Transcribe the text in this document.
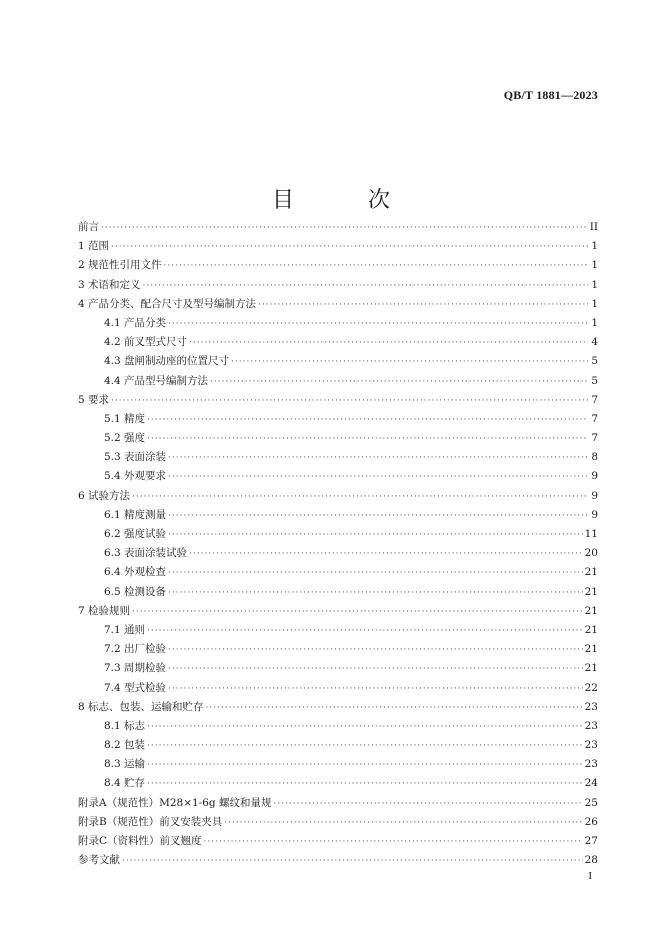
QB/T 1881—2023
目　次
前言 ·····	II
1 范围 ·····	1
2 规范性引用文件 ·····	1
3 术语和定义 ·····	1
4 产品分类、配合尺寸及型号编制方法 ·····	1
4.1 产品分类 ·····	1
4.2 前叉型式尺寸 ·····	4
4.3 盘闸制动座的位置尺寸 ·····	5
4.4 产品型号编制方法 ·····	5
5 要求 ·····	7
5.1 精度 ·····	7
5.2 强度 ·····	7
5.3 表面涂装 ·····	8
5.4 外观要求 ·····	9
6 试验方法 ·····	9
6.1 精度测量 ·····	9
6.2 强度试验 ·····	11
6.3 表面涂装试验 ·····	20
6.4 外观检查 ·····	21
6.5 检测设备 ·····	21
7 检验规则 ·····	21
7.1 通则 ·····	21
7.2 出厂检验 ·····	21
7.3 周期检验 ·····	21
7.4 型式检验 ·····	22
8 标志、包装、运输和贮存 ·····	23
8.1 标志 ·····	23
8.2 包装 ·····	23
8.3 运输 ·····	23
8.4 贮存 ·····	24
附录A（规范性）M28×1-6g 螺纹和量规 ·····	25
附录B（规范性）前叉安装夹具 ·····	26
附录C（资料性）前叉翘度 ·····	27
参考文献 ·····	28
I
